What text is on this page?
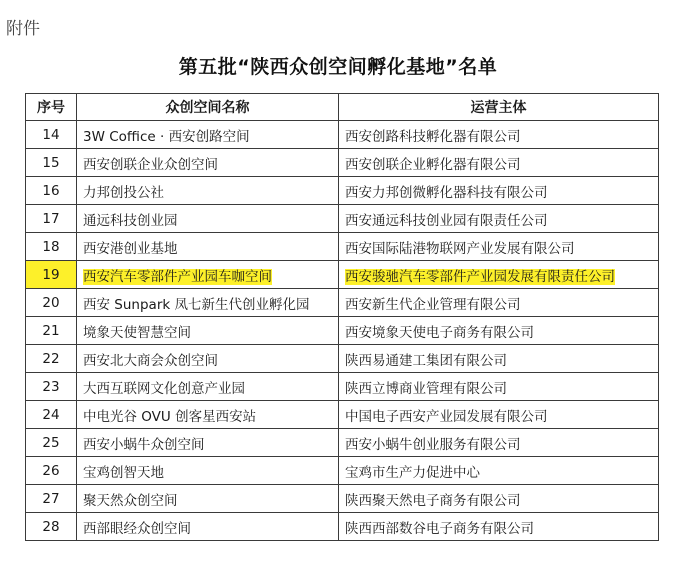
附件
第五批“陕西众创空间孵化基地”名单
序号	众创空间名称	运营主体
14	3W Coffice · 西安创路空间	西安创路科技孵化器有限公司
15	西安创联企业众创空间	西安创联企业孵化器有限公司
16	力邦创投公社	西安力邦创微孵化器科技有限公司
17	通远科技创业园	西安通远科技创业园有限责任公司
18	西安港创业基地	西安国际陆港物联网产业发展有限公司
19	西安汽车零部件产业园车咖空间	西安骏驰汽车零部件产业园发展有限责任公司
20	西安 Sunpark 凤七新生代创业孵化园	西安新生代企业管理有限公司
21	境象天使智慧空间	西安境象天使电子商务有限公司
22	西安北大商会众创空间	陕西易通建工集团有限公司
23	大西互联网文化创意产业园	陕西立博商业管理有限公司
24	中电光谷 OVU 创客星西安站	中国电子西安产业园发展有限公司
25	西安小蜗牛众创空间	西安小蜗牛创业服务有限公司
26	宝鸡创智天地	宝鸡市生产力促进中心
27	聚天然众创空间	陕西聚天然电子商务有限公司
28	西部眼经众创空间	陕西西部数谷电子商务有限公司
